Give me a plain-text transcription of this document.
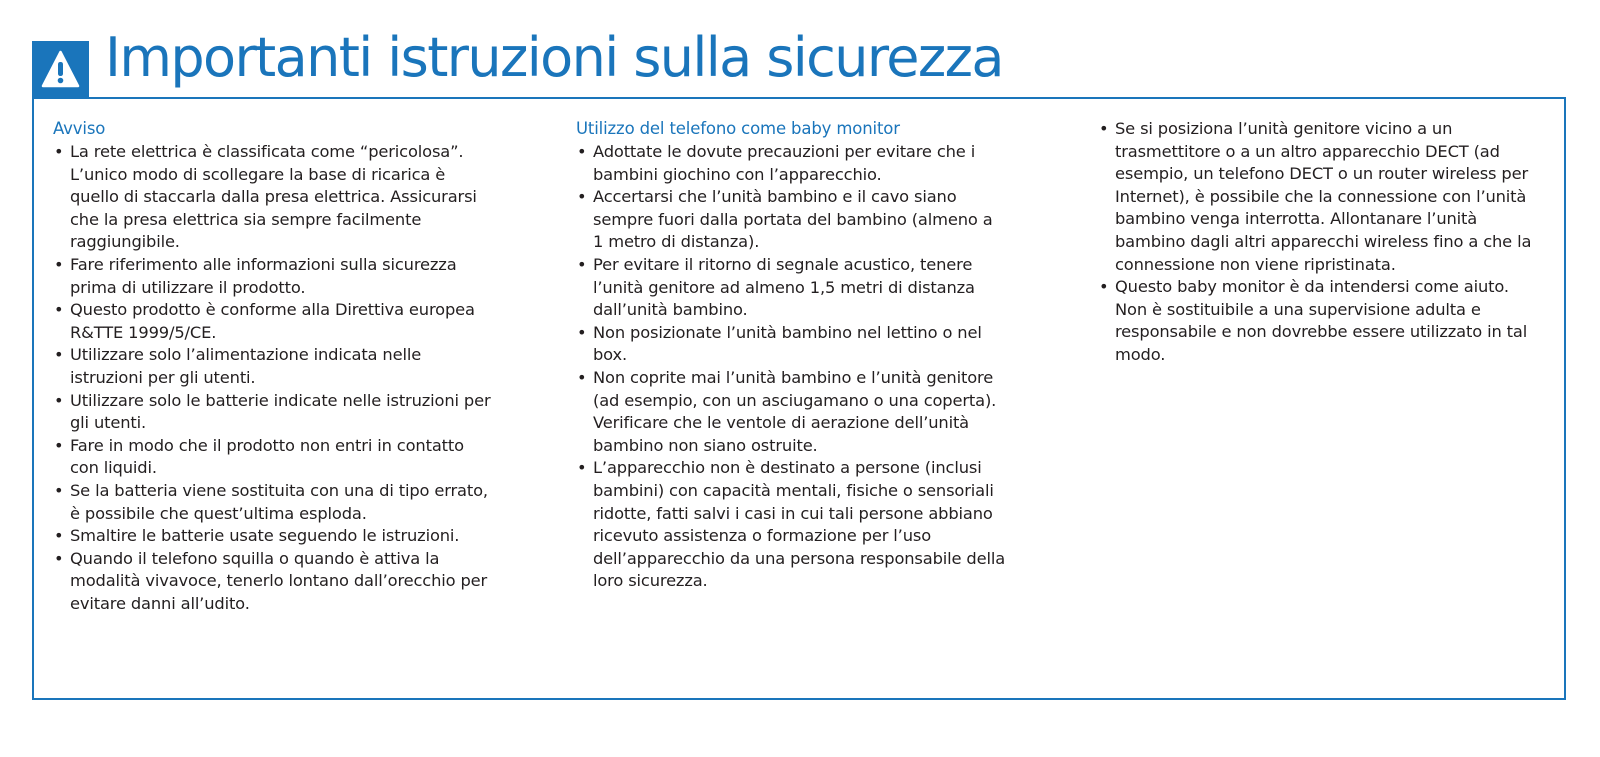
Importanti istruzioni sulla sicurezza
Avviso
• La rete elettrica è classificata come “pericolosa”. L’unico modo di scollegare la base di ricarica è quello di staccarla dalla presa elettrica. Assicurarsi che la presa elettrica sia sempre facilmente raggiungibile.
• Fare riferimento alle informazioni sulla sicurezza prima di utilizzare il prodotto.
• Questo prodotto è conforme alla Direttiva europea R&TTE 1999/5/CE.
• Utilizzare solo l’alimentazione indicata nelle istruzioni per gli utenti.
• Utilizzare solo le batterie indicate nelle istruzioni per gli utenti.
• Fare in modo che il prodotto non entri in contatto con liquidi.
• Se la batteria viene sostituita con una di tipo errato, è possibile che quest’ultima esploda.
• Smaltire le batterie usate seguendo le istruzioni.
• Quando il telefono squilla o quando è attiva la modalità vivavoce, tenerlo lontano dall’orecchio per evitare danni all’udito.
Utilizzo del telefono come baby monitor
• Adottate le dovute precauzioni per evitare che i bambini giochino con l’apparecchio.
• Accertarsi che l’unità bambino e il cavo siano sempre fuori dalla portata del bambino (almeno a 1 metro di distanza).
• Per evitare il ritorno di segnale acustico, tenere l’unità genitore ad almeno 1,5 metri di distanza dall’unità bambino.
• Non posizionate l’unità bambino nel lettino o nel box.
• Non coprite mai l’unità bambino e l’unità genitore (ad esempio, con un asciugamano o una coperta). Verificare che le ventole di aerazione dell’unità bambino non siano ostruite.
• L’apparecchio non è destinato a persone (inclusi bambini) con capacità mentali, fisiche o sensoriali ridotte, fatti salvi i casi in cui tali persone abbiano ricevuto assistenza o formazione per l’uso dell’apparecchio da una persona responsabile della loro sicurezza.
• Se si posiziona l’unità genitore vicino a un trasmettitore o a un altro apparecchio DECT (ad esempio, un telefono DECT o un router wireless per Internet), è possibile che la connessione con l’unità bambino venga interrotta. Allontanare l’unità bambino dagli altri apparecchi wireless fino a che la connessione non viene ripristinata.
• Questo baby monitor è da intendersi come aiuto. Non è sostituibile a una supervisione adulta e responsabile e non dovrebbe essere utilizzato in tal modo.
